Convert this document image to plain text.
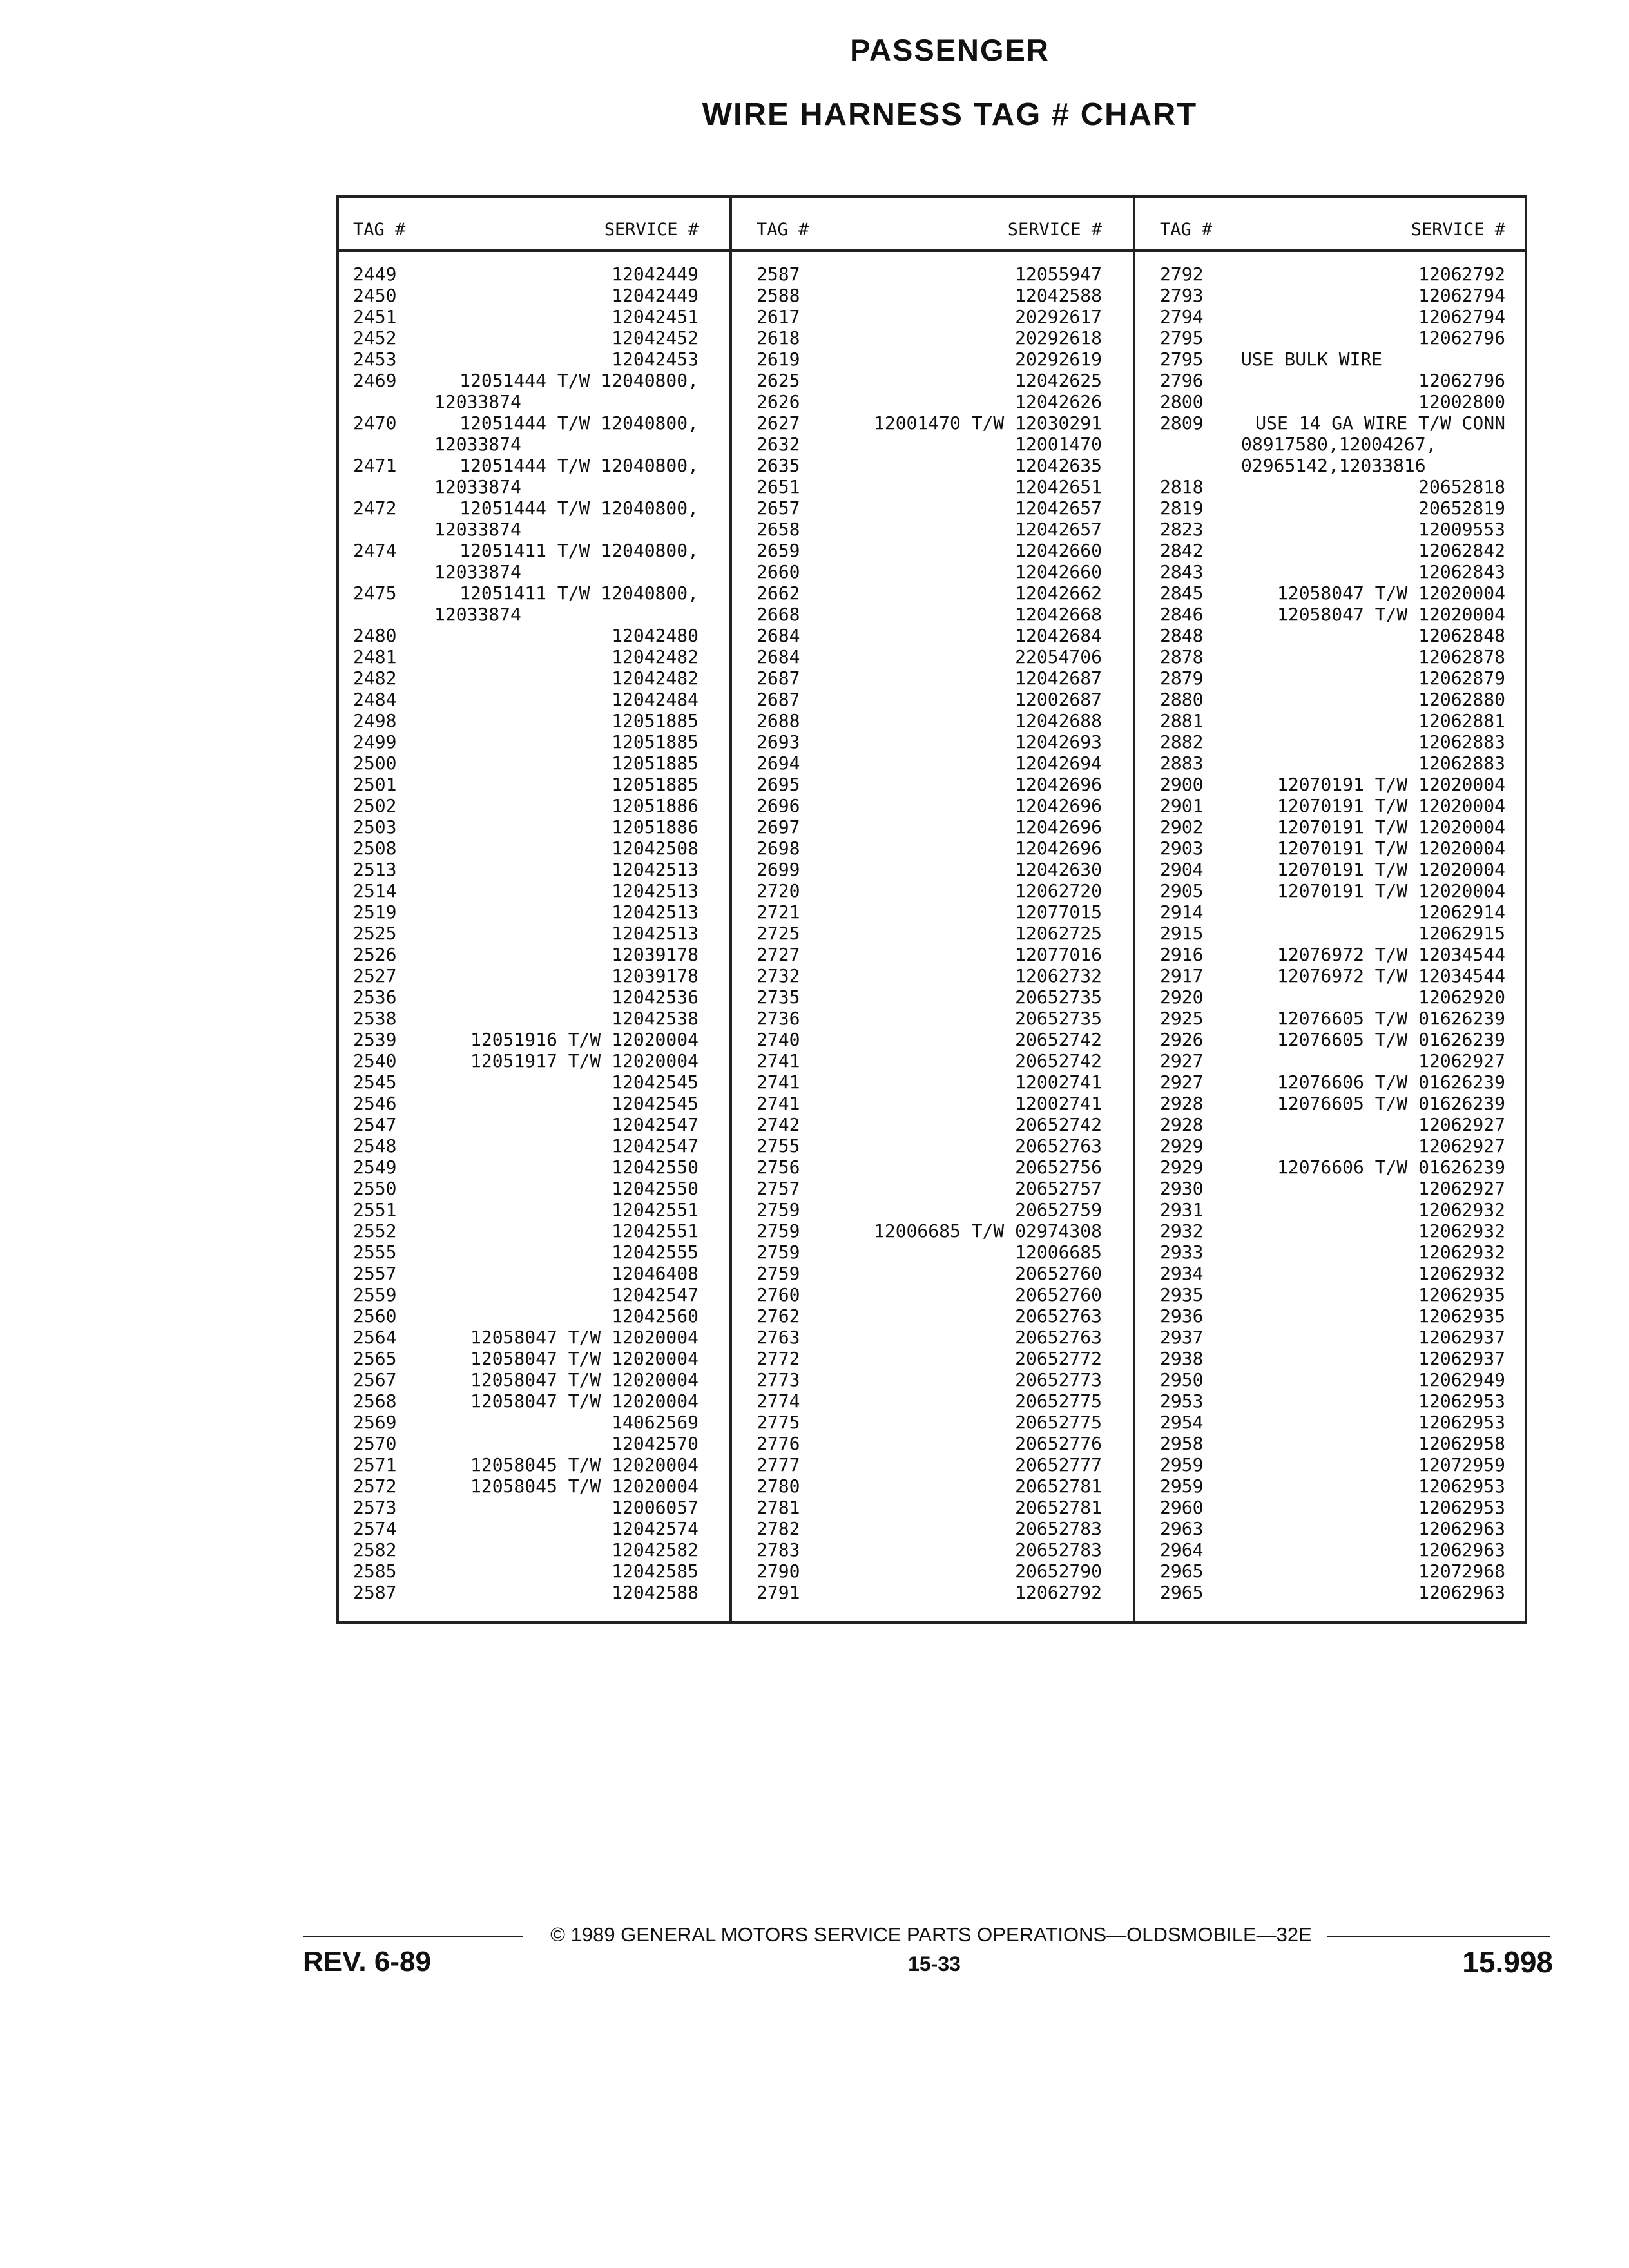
PASSENGER
WIRE HARNESS TAG # CHART
TAG #	SERVICE #
2449	12042449
2450	12042449
2451	12042451
2452	12042452
2453	12042453
2469	12051444 T/W 12040800,
12033874
2470	12051444 T/W 12040800,
12033874
2471	12051444 T/W 12040800,
12033874
2472	12051444 T/W 12040800,
12033874
2474	12051411 T/W 12040800,
12033874
2475	12051411 T/W 12040800,
12033874
2480	12042480
2481	12042482
2482	12042482
2484	12042484
2498	12051885
2499	12051885
2500	12051885
2501	12051885
2502	12051886
2503	12051886
2508	12042508
2513	12042513
2514	12042513
2519	12042513
2525	12042513
2526	12039178
2527	12039178
2536	12042536
2538	12042538
2539	12051916 T/W 12020004
2540	12051917 T/W 12020004
2545	12042545
2546	12042545
2547	12042547
2548	12042547
2549	12042550
2550	12042550
2551	12042551
2552	12042551
2555	12042555
2557	12046408
2559	12042547
2560	12042560
2564	12058047 T/W 12020004
2565	12058047 T/W 12020004
2567	12058047 T/W 12020004
2568	12058047 T/W 12020004
2569	14062569
2570	12042570
2571	12058045 T/W 12020004
2572	12058045 T/W 12020004
2573	12006057
2574	12042574
2582	12042582
2585	12042585
2587	12042588
TAG #	SERVICE #
2587	12055947
2588	12042588
2617	20292617
2618	20292618
2619	20292619
2625	12042625
2626	12042626
2627	12001470 T/W 12030291
2632	12001470
2635	12042635
2651	12042651
2657	12042657
2658	12042657
2659	12042660
2660	12042660
2662	12042662
2668	12042668
2684	12042684
2684	22054706
2687	12042687
2687	12002687
2688	12042688
2693	12042693
2694	12042694
2695	12042696
2696	12042696
2697	12042696
2698	12042696
2699	12042630
2720	12062720
2721	12077015
2725	12062725
2727	12077016
2732	12062732
2735	20652735
2736	20652735
2740	20652742
2741	20652742
2741	12002741
2741	12002741
2742	20652742
2755	20652763
2756	20652756
2757	20652757
2759	20652759
2759	12006685 T/W 02974308
2759	12006685
2759	20652760
2760	20652760
2762	20652763
2763	20652763
2772	20652772
2773	20652773
2774	20652775
2775	20652775
2776	20652776
2777	20652777
2780	20652781
2781	20652781
2782	20652783
2783	20652783
2790	20652790
2791	12062792
TAG #	SERVICE #
2792	12062792
2793	12062794
2794	12062794
2795	12062796
2795 USE BULK WIRE
2796	12062796
2800	12002800
2809	USE 14 GA WIRE T/W CONN
08917580,12004267,
02965142,12033816
2818	20652818
2819	20652819
2823	12009553
2842	12062842
2843	12062843
2845	12058047 T/W 12020004
2846	12058047 T/W 12020004
2848	12062848
2878	12062878
2879	12062879
2880	12062880
2881	12062881
2882	12062883
2883	12062883
2900	12070191 T/W 12020004
2901	12070191 T/W 12020004
2902	12070191 T/W 12020004
2903	12070191 T/W 12020004
2904	12070191 T/W 12020004
2905	12070191 T/W 12020004
2914	12062914
2915	12062915
2916	12076972 T/W 12034544
2917	12076972 T/W 12034544
2920	12062920
2925	12076605 T/W 01626239
2926	12076605 T/W 01626239
2927	12062927
2927	12076606 T/W 01626239
2928	12076605 T/W 01626239
2928	12062927
2929	12062927
2929	12076606 T/W 01626239
2930	12062927
2931	12062932
2932	12062932
2933	12062932
2934	12062932
2935	12062935
2936	12062935
2937	12062937
2938	12062937
2950	12062949
2953	12062953
2954	12062953
2958	12062958
2959	12072959
2959	12062953
2960	12062953
2963	12062963
2964	12062963
2965	12072968
2965	12062963
© 1989 GENERAL MOTORS SERVICE PARTS OPERATIONS—OLDSMOBILE—32E
REV. 6-89	15-33	15.998
